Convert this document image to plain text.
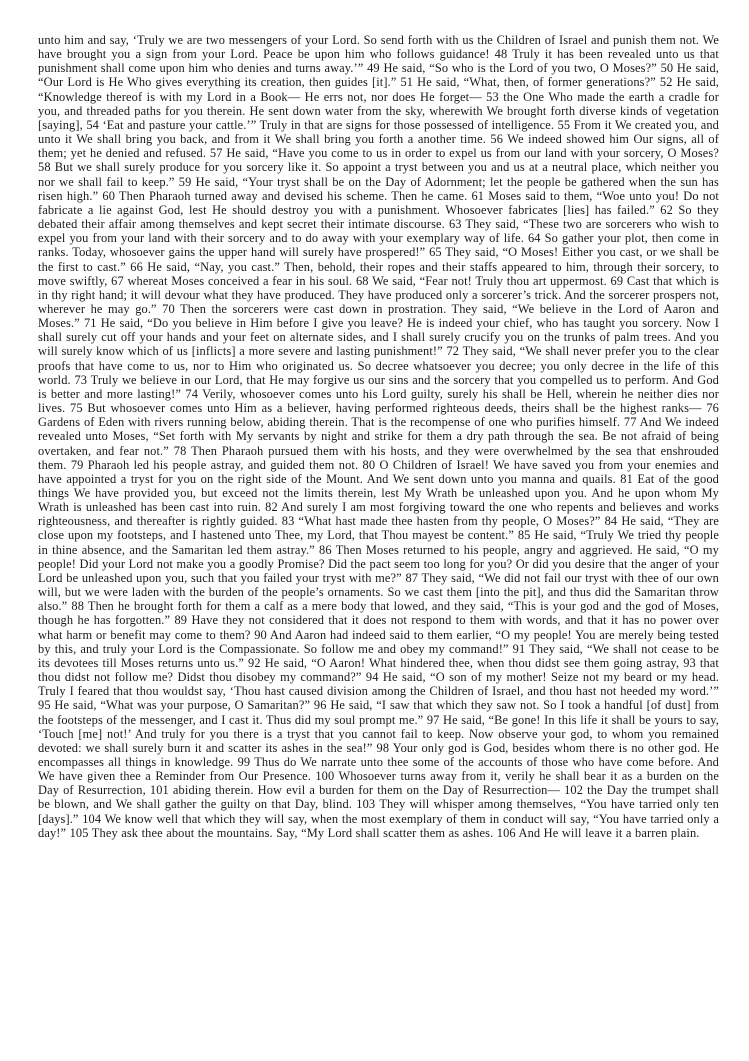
unto him and say, ‘Truly we are two messengers of your Lord. So send forth with us the Children of Israel and punish them not. We have brought you a sign from your Lord. Peace be upon him who follows guidance! 48 Truly it has been revealed unto us that punishment shall come upon him who denies and turns away.’” 49 He said, “So who is the Lord of you two, O Moses?” 50 He said, “Our Lord is He Who gives everything its creation, then guides [it].” 51 He said, “What, then, of former generations?” 52 He said, “Knowledge thereof is with my Lord in a Book— He errs not, nor does He forget— 53 the One Who made the earth a cradle for you, and threaded paths for you therein. He sent down water from the sky, wherewith We brought forth diverse kinds of vegetation [saying], 54 ‘Eat and pasture your cattle.’” Truly in that are signs for those possessed of intelligence. 55 From it We created you, and unto it We shall bring you back, and from it We shall bring you forth a another time. 56 We indeed showed him Our signs, all of them; yet he denied and refused. 57 He said, “Have you come to us in order to expel us from our land with your sorcery, O Moses? 58 But we shall surely produce for you sorcery like it. So appoint a tryst between you and us at a neutral place, which neither you nor we shall fail to keep.” 59 He said, “Your tryst shall be on the Day of Adornment; let the people be gathered when the sun has risen high.” 60 Then Pharaoh turned away and devised his scheme. Then he came. 61 Moses said to them, “Woe unto you! Do not fabricate a lie against God, lest He should destroy you with a punishment. Whosoever fabricates [lies] has failed.” 62 So they debated their affair among themselves and kept secret their intimate discourse. 63 They said, “These two are sorcerers who wish to expel you from your land with their sorcery and to do away with your exemplary way of life. 64 So gather your plot, then come in ranks. Today, whosoever gains the upper hand will surely have prospered!” 65 They said, “O Moses! Either you cast, or we shall be the first to cast.” 66 He said, “Nay, you cast.” Then, behold, their ropes and their staffs appeared to him, through their sorcery, to move swiftly, 67 whereat Moses conceived a fear in his soul. 68 We said, “Fear not! Truly thou art uppermost. 69 Cast that which is in thy right hand; it will devour what they have produced. They have produced only a sorcerer’s trick. And the sorcerer prospers not, wherever he may go.” 70 Then the sorcerers were cast down in prostration. They said, “We believe in the Lord of Aaron and Moses.” 71 He said, “Do you believe in Him before I give you leave? He is indeed your chief, who has taught you sorcery. Now I shall surely cut off your hands and your feet on alternate sides, and I shall surely crucify you on the trunks of palm trees. And you will surely know which of us [inflicts] a more severe and lasting punishment!” 72 They said, “We shall never prefer you to the clear proofs that have come to us, nor to Him who originated us. So decree whatsoever you decree; you only decree in the life of this world. 73 Truly we believe in our Lord, that He may forgive us our sins and the sorcery that you compelled us to perform. And God is better and more lasting!” 74 Verily, whosoever comes unto his Lord guilty, surely his shall be Hell, wherein he neither dies nor lives. 75 But whosoever comes unto Him as a believer, having performed righteous deeds, theirs shall be the highest ranks— 76 Gardens of Eden with rivers running below, abiding therein. That is the recompense of one who purifies himself. 77 And We indeed revealed unto Moses, “Set forth with My servants by night and strike for them a dry path through the sea. Be not afraid of being overtaken, and fear not.” 78 Then Pharaoh pursued them with his hosts, and they were overwhelmed by the sea that enshrouded them. 79 Pharaoh led his people astray, and guided them not. 80 O Children of Israel! We have saved you from your enemies and have appointed a tryst for you on the right side of the Mount. And We sent down unto you manna and quails. 81 Eat of the good things We have provided you, but exceed not the limits therein, lest My Wrath be unleashed upon you. And he upon whom My Wrath is unleashed has been cast into ruin. 82 And surely I am most forgiving toward the one who repents and believes and works righteousness, and thereafter is rightly guided. 83 “What hast made thee hasten from thy people, O Moses?” 84 He said, “They are close upon my footsteps, and I hastened unto Thee, my Lord, that Thou mayest be content.” 85 He said, “Truly We tried thy people in thine absence, and the Samaritan led them astray.” 86 Then Moses returned to his people, angry and aggrieved. He said, “O my people! Did your Lord not make you a goodly Promise? Did the pact seem too long for you? Or did you desire that the anger of your Lord be unleashed upon you, such that you failed your tryst with me?” 87 They said, “We did not fail our tryst with thee of our own will, but we were laden with the burden of the people’s ornaments. So we cast them [into the pit], and thus did the Samaritan throw also.” 88 Then he brought forth for them a calf as a mere body that lowed, and they said, “This is your god and the god of Moses, though he has forgotten.” 89 Have they not considered that it does not respond to them with words, and that it has no power over what harm or benefit may come to them? 90 And Aaron had indeed said to them earlier, “O my people! You are merely being tested by this, and truly your Lord is the Compassionate. So follow me and obey my command!” 91 They said, “We shall not cease to be its devotees till Moses returns unto us.” 92 He said, “O Aaron! What hindered thee, when thou didst see them going astray, 93 that thou didst not follow me? Didst thou disobey my command?” 94 He said, “O son of my mother! Seize not my beard or my head. Truly I feared that thou wouldst say, ‘Thou hast caused division among the Children of Israel, and thou hast not heeded my word.’” 95 He said, “What was your purpose, O Samaritan?” 96 He said, “I saw that which they saw not. So I took a handful [of dust] from the footsteps of the messenger, and I cast it. Thus did my soul prompt me.” 97 He said, “Be gone! In this life it shall be yours to say, ‘Touch [me] not!’ And truly for you there is a tryst that you cannot fail to keep. Now observe your god, to whom you remained devoted: we shall surely burn it and scatter its ashes in the sea!” 98 Your only god is God, besides whom there is no other god. He encompasses all things in knowledge. 99 Thus do We narrate unto thee some of the accounts of those who have come before. And We have given thee a Reminder from Our Presence. 100 Whosoever turns away from it, verily he shall bear it as a burden on the Day of Resurrection, 101 abiding therein. How evil a burden for them on the Day of Resurrection— 102 the Day the trumpet shall be blown, and We shall gather the guilty on that Day, blind. 103 They will whisper among themselves, “You have tarried only ten [days].” 104 We know well that which they will say, when the most exemplary of them in conduct will say, “You have tarried only a day!” 105 They ask thee about the mountains. Say, “My Lord shall scatter them as ashes. 106 And He will leave it a barren plain.
